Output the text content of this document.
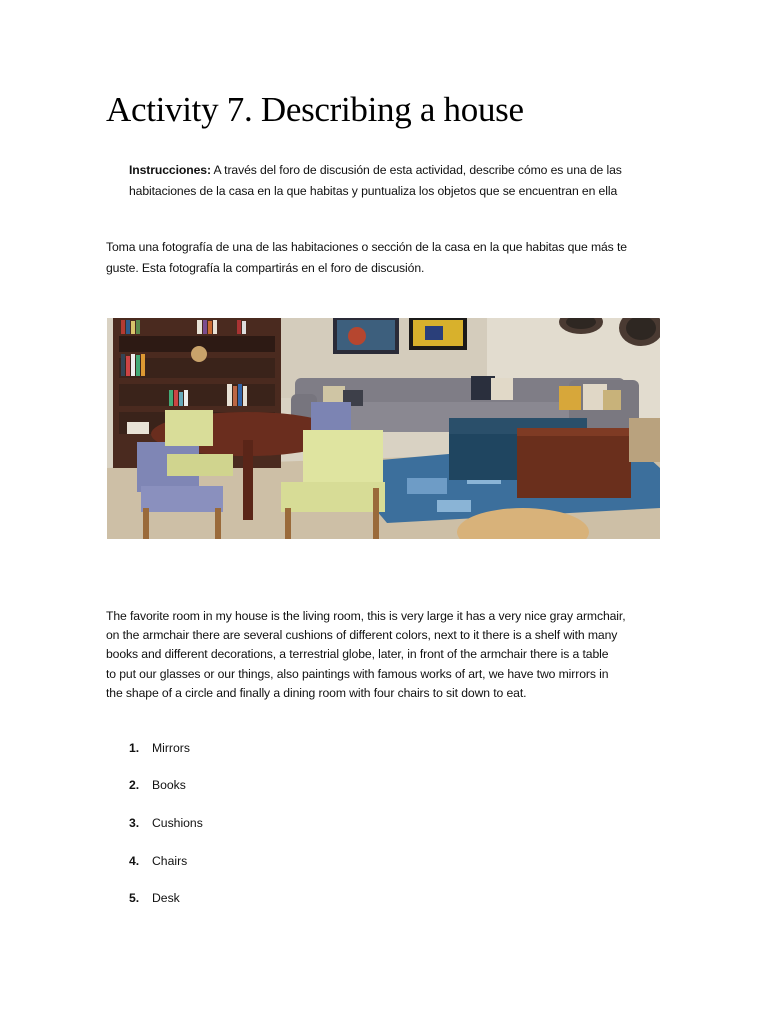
Activity 7. Describing a house

Instrucciones: A través del foro de discusión de esta actividad, describe cómo es una de las
habitaciones de la casa en la que habitas y puntualiza los objetos que se encuentran en ella

Toma una fotografía de una de las habitaciones o sección de la casa en la que habitas que más te
guste. Esta fotografía la compartirás en el foro de discusión.

The favorite room in my house is the living room, this is very large it has a very nice gray armchair,
on the armchair there are several cushions of different colors, next to it there is a shelf with many
books and different decorations, a terrestrial globe, later, in front of the armchair there is a table
to put our glasses or our things, also paintings with famous works of art, we have two mirrors in
the shape of a circle and finally a dining room with four chairs to sit down to eat.

1. Mirrors
2. Books
3. Cushions
4. Chairs
5. Desk
